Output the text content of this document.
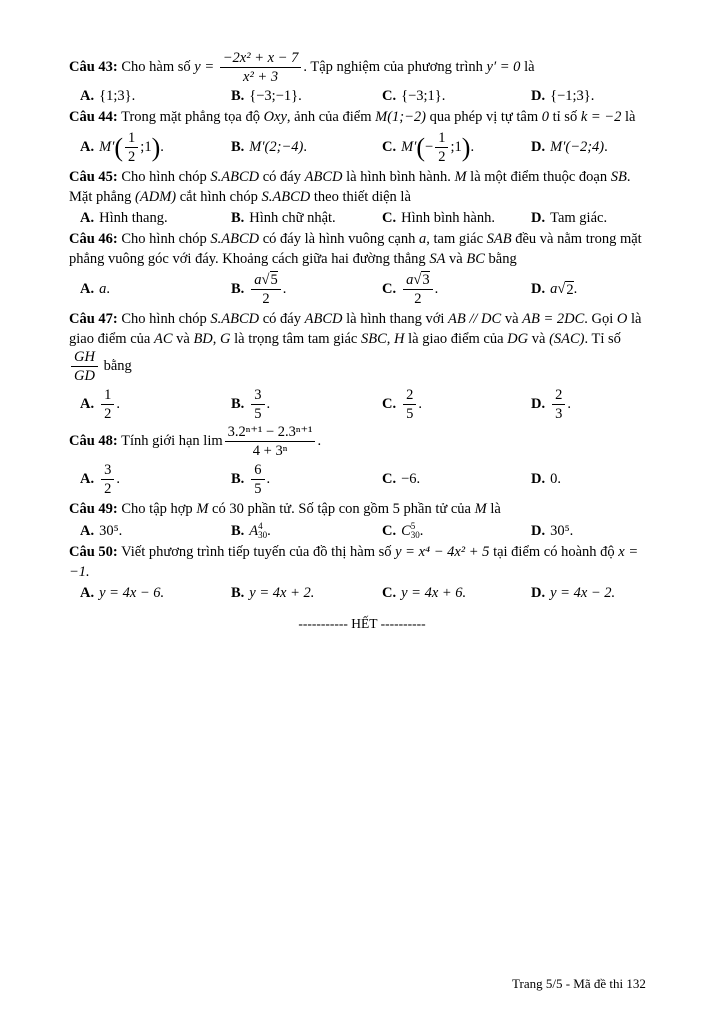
Câu 43: Cho hàm số $y = \frac{\text{−2x² + x − 7}}{\text{x² + 3}}$ . Tập nghiệm của phương trình y′ = 0 là
A. {1;3} .	B. {−3;−1} .	C. {−3;1} .	D. {−1;3} .
Câu 44: Trong mặt phẳng tọa độ Oxy, ảnh của điểm M(1;−2) qua phép vị tự tâm 0 tỉ số k = −2 là
A. M′ ( $\frac{1}{2}$ ;1 ) .	B. M′(2;−4) .	C. M′ ( − $\frac{1}{2}$ ;1 ) .	D. M′(−2;4) .
Câu 45: Cho hình chóp S.ABCD có đáy ABCD là hình bình hành. M là một điểm thuộc đoạn SB. Mặt phẳng (ADM) cắt hình chóp S.ABCD theo thiết diện là
A. Hình thang.	B. Hình chữ nhật.	C. Hình bình hành. D. Tam giác.
Câu 46: Cho hình chóp S.ABCD có đáy là hình vuông cạnh a, tam giác SAB đều và nằm trong mặt phẳng vuông góc với đáy. Khoảng cách giữa hai đường thẳng SA và BC bằng
A. a .	B. $\frac{a√5}{2}$ .	C. $\frac{a√3}{2}$ .	D. a √ 2 .
Câu 47: Cho hình chóp S.ABCD có đáy ABCD là hình thang với AB // DC và AB = 2DC. Gọi O là giao điểm của AC và BD, G là trọng tâm tam giác SBC, H là giao điểm của DG và (SAC). Tỉ số
$\frac{GH}{GD}$ bằng
A. $\frac{1}{2}$ .	B. $\frac{3}{5}$ .	C. $\frac{2}{5}$ .	D. $\frac{2}{3}$ .
Câu 48: Tính giới hạn $\lim \frac{\text{3.2ⁿ⁺¹ − 2.3ⁿ⁺¹}}{\text{4 + 3ⁿ}}$ .
A. $\frac{3}{2}$ .	B. $\frac{6}{5}$ .	C. −6 .	D. 0 .
Câu 49: Cho tập hợp M có 30 phần tử. Số tập con gồm 5 phần tử của M là
A. 30⁵ .	B. A 4
30 .	C. C 5
30 .	D. 30⁵ .
Câu 50: Viết phương trình tiếp tuyến của đồ thị hàm số y = x⁴ − 4x² + 5 tại điểm có hoành độ x = −1.
A. y = 4x − 6.	B. y = 4x + 2.	C. y = 4x + 6.	D. y = 4x − 2.
----------- HẾT ----------
Trang 5/5 - Mã đề thi 132
